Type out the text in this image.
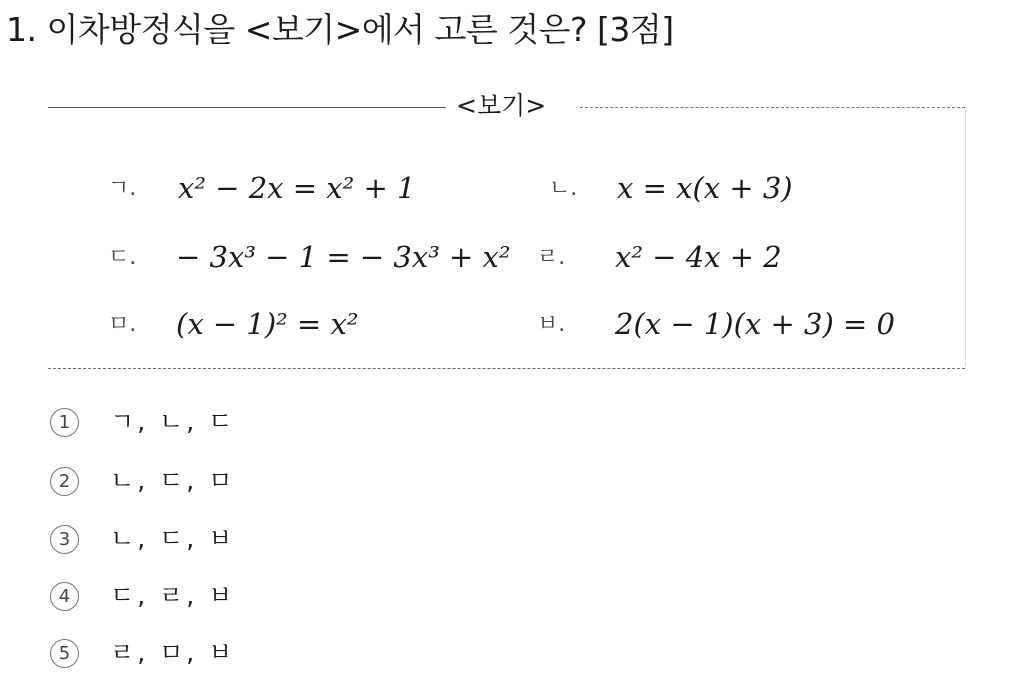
1. 이차방정식을 <보기>에서 고른 것은? [3점]
<보기>
ㄱ. x² − 2x = x² + 1	ㄴ. x = x(x + 3)
ㄷ. − 3x³ − 1 = − 3x³ + x² ㄹ. x² − 4x + 2
ㅁ. (x − 1)² = x²	ㅂ. 2(x − 1)(x + 3) = 0
1 ㄱ, ㄴ, ㄷ
2 ㄴ, ㄷ, ㅁ
3 ㄴ, ㄷ, ㅂ
4 ㄷ, ㄹ, ㅂ
5 ㄹ, ㅁ, ㅂ
